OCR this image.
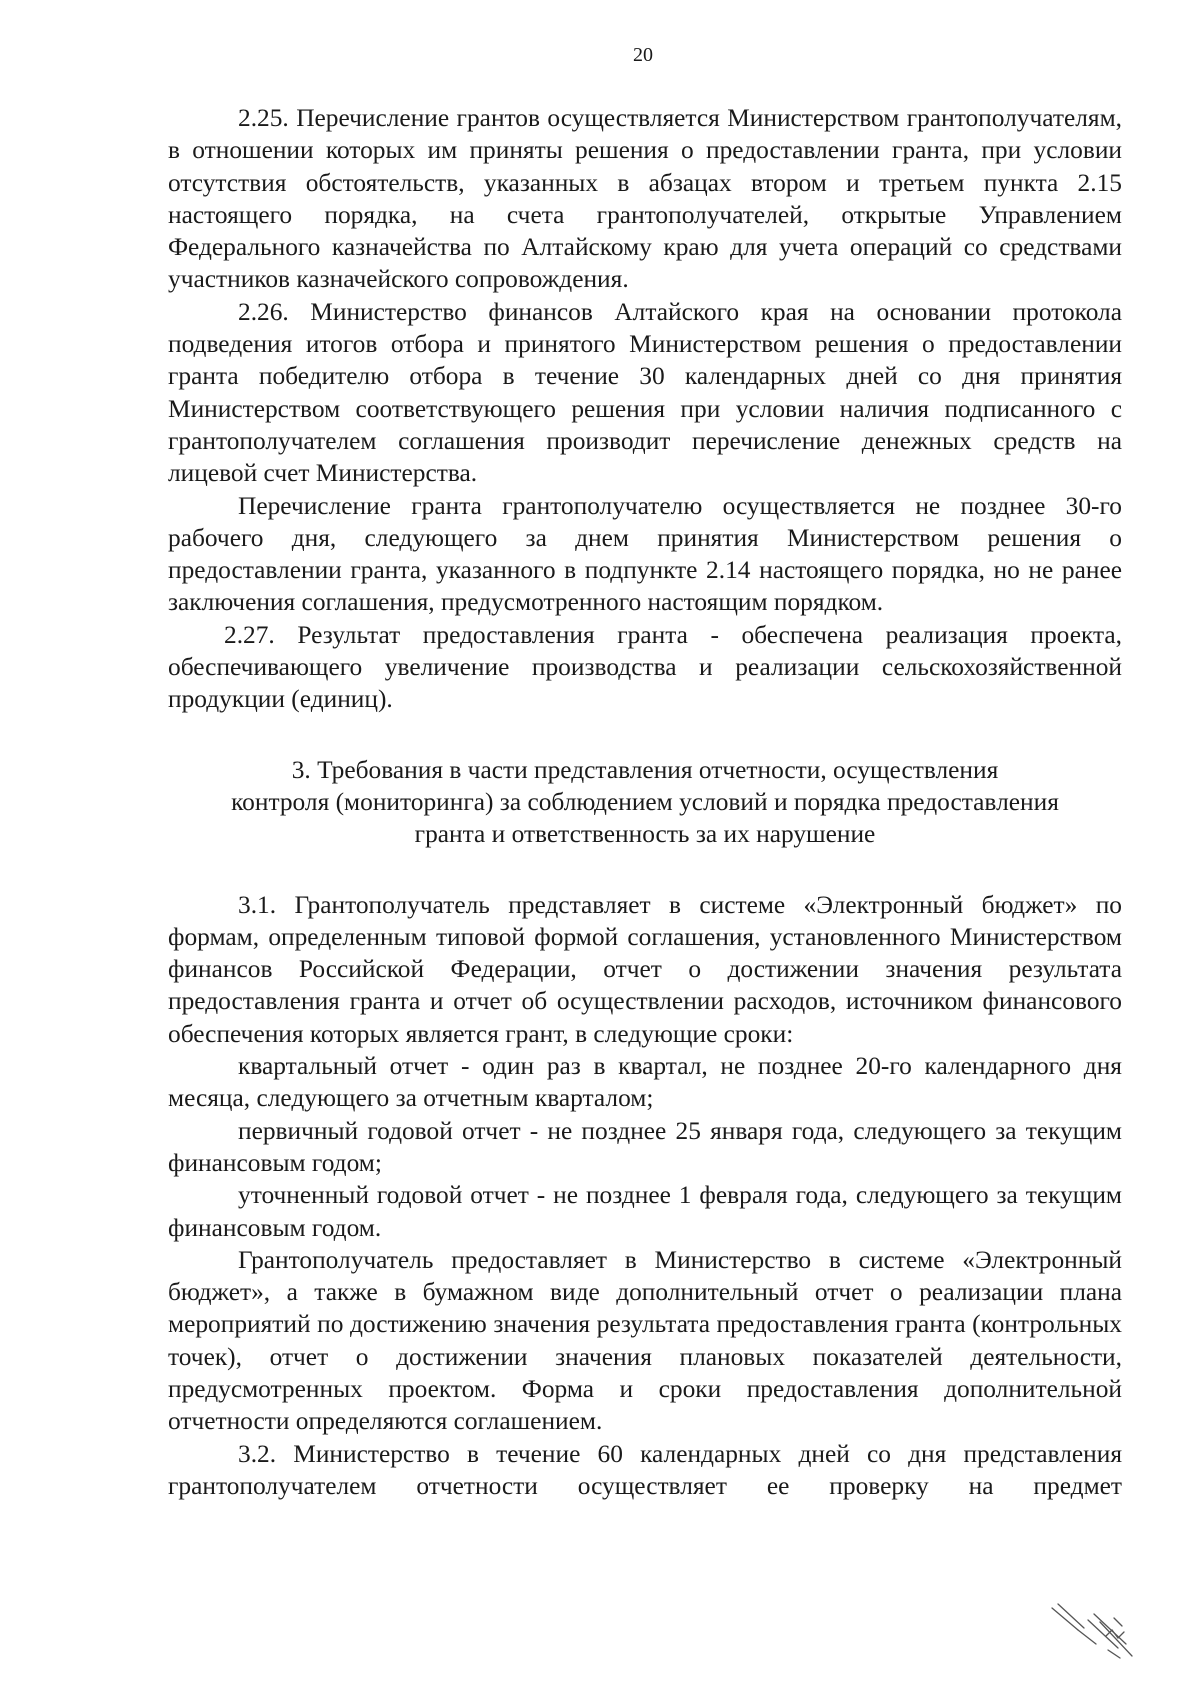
20

2.25. Перечисление грантов осуществляется Министерством грантополучателям, в отношении которых им приняты решения о предоставлении гранта, при условии отсутствия обстоятельств, указанных в абзацах втором и третьем пункта 2.15 настоящего порядка, на счета грантополучателей, открытые Управлением Федерального казначейства по Алтайскому краю для учета операций со средствами участников казначейского сопровождения.

2.26. Министерство финансов Алтайского края на основании протокола подведения итогов отбора и принятого Министерством решения о предоставлении гранта победителю отбора в течение 30 календарных дней со дня принятия Министерством соответствующего решения при условии наличия подписанного с грантополучателем соглашения производит перечисление денежных средств на лицевой счет Министерства.

Перечисление гранта грантополучателю осуществляется не позднее 30-го рабочего дня, следующего за днем принятия Министерством решения о предоставлении гранта, указанного в подпункте 2.14 настоящего порядка, но не ранее заключения соглашения, предусмотренного настоящим порядком.

2.27. Результат предоставления гранта - обеспечена реализация проекта, обеспечивающего увеличение производства и реализации сельскохозяйственной продукции (единиц).

3. Требования в части представления отчетности, осуществления
контроля (мониторинга) за соблюдением условий и порядка предоставления
гранта и ответственность за их нарушение

3.1. Грантополучатель представляет в системе «Электронный бюджет» по формам, определенным типовой формой соглашения, установленного Министерством финансов Российской Федерации, отчет о достижении значения результата предоставления гранта и отчет об осуществлении расходов, источником финансового обеспечения которых является грант, в следующие сроки:

квартальный отчет - один раз в квартал, не позднее 20-го календарного дня месяца, следующего за отчетным кварталом;

первичный годовой отчет - не позднее 25 января года, следующего за текущим финансовым годом;

уточненный годовой отчет - не позднее 1 февраля года, следующего за текущим финансовым годом.

Грантополучатель предоставляет в Министерство в системе «Электронный бюджет», а также в бумажном виде дополнительный отчет о реализации плана мероприятий по достижению значения результата предоставления гранта (контрольных точек), отчет о достижении значения плановых показателей деятельности, предусмотренных проектом. Форма и сроки предоставления дополнительной отчетности определяются соглашением.

3.2. Министерство в течение 60 календарных дней со дня представления грантополучателем отчетности осуществляет ее проверку на предмет
